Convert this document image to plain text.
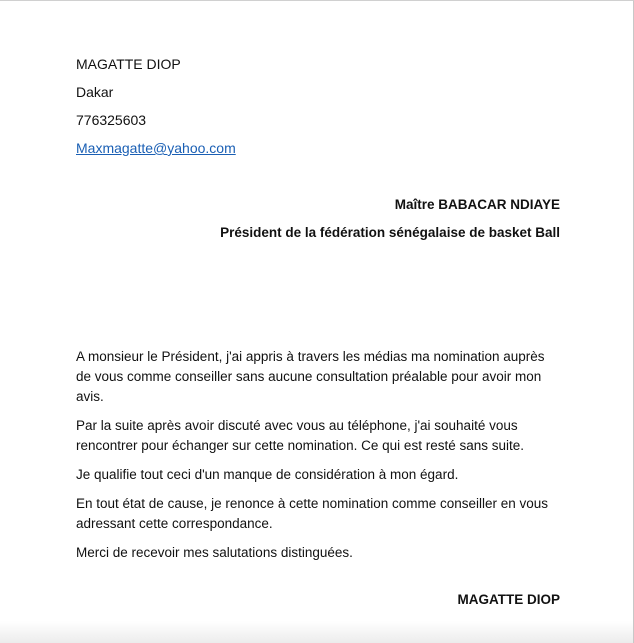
MAGATTE DIOP
Dakar
776325603
Maxmagatte@yahoo.com
Maître BABACAR NDIAYE
Président de la fédération sénégalaise de basket Ball

A monsieur le Président, j'ai appris à travers les médias ma nomination auprès de vous comme conseiller sans aucune consultation préalable pour avoir mon avis.

Par la suite après avoir discuté avec vous au téléphone, j'ai souhaité vous rencontrer pour échanger sur cette nomination. Ce qui est resté sans suite.

Je qualifie tout ceci d'un manque de considération à mon égard.

En tout état de cause, je renonce à cette nomination comme conseiller en vous adressant cette correspondance.

Merci de recevoir mes salutations distinguées.

MAGATTE DIOP
